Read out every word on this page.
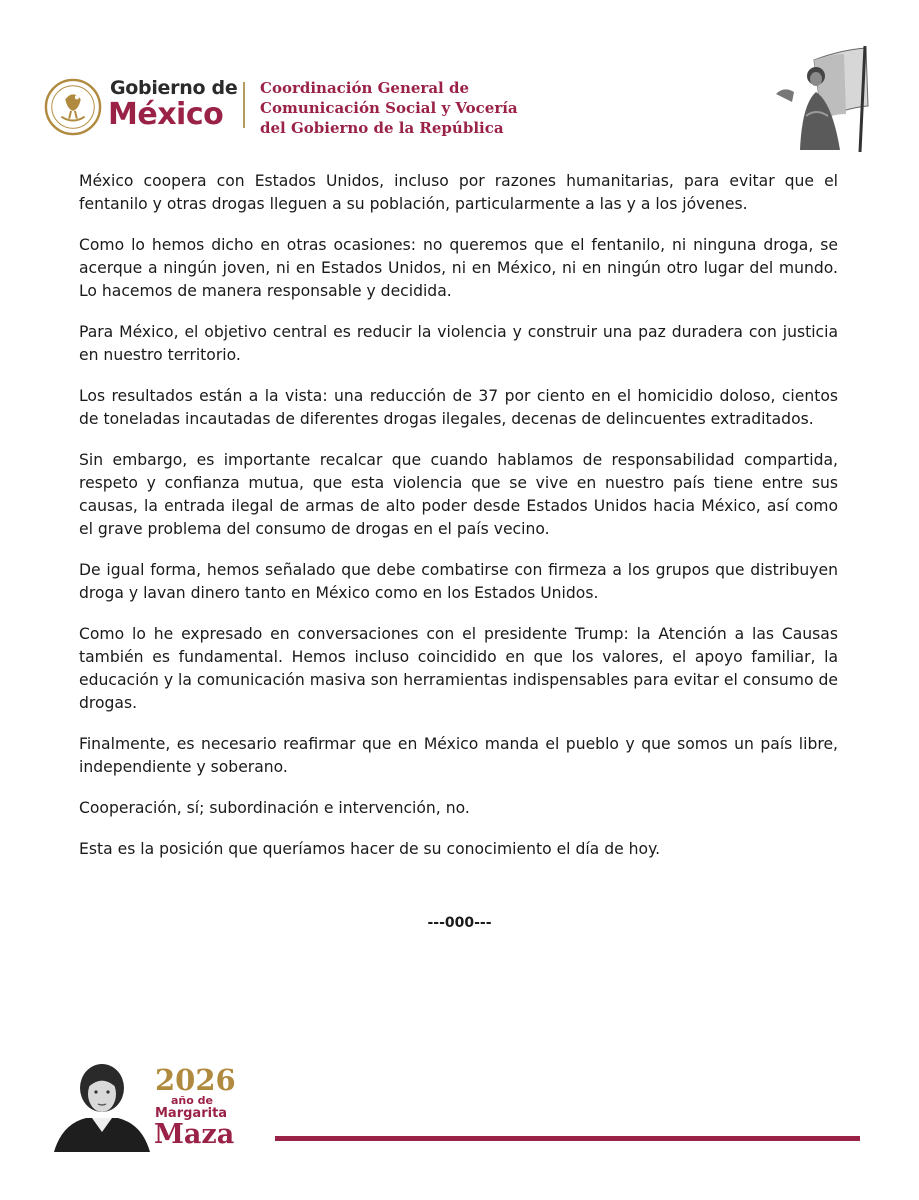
Gobierno de
México
Coordinación General de
Comunicación Social y Vocería
del Gobierno de la República

México coopera con Estados Unidos, incluso por razones humanitarias, para evitar que el fentanilo y otras drogas lleguen a su población, particularmente a las y a los jóvenes.

Como lo hemos dicho en otras ocasiones: no queremos que el fentanilo, ni ninguna droga, se acerque a ningún joven, ni en Estados Unidos, ni en México, ni en ningún otro lugar del mundo. Lo hacemos de manera responsable y decidida.

Para México, el objetivo central es reducir la violencia y construir una paz duradera con justicia en nuestro territorio.

Los resultados están a la vista: una reducción de 37 por ciento en el homicidio doloso, cientos de toneladas incautadas de diferentes drogas ilegales, decenas de delincuentes extraditados.

Sin embargo, es importante recalcar que cuando hablamos de responsabilidad compartida, respeto y confianza mutua, que esta violencia que se vive en nuestro país tiene entre sus causas, la entrada ilegal de armas de alto poder desde Estados Unidos hacia México, así como el grave problema del consumo de drogas en el país vecino.

De igual forma, hemos señalado que debe combatirse con firmeza a los grupos que distribuyen droga y lavan dinero tanto en México como en los Estados Unidos.

Como lo he expresado en conversaciones con el presidente Trump: la Atención a las Causas también es fundamental. Hemos incluso coincidido en que los valores, el apoyo familiar, la educación y la comunicación masiva son herramientas indispensables para evitar el consumo de drogas.

Finalmente, es necesario reafirmar que en México manda el pueblo y que somos un país libre, independiente y soberano.

Cooperación, sí; subordinación e intervención, no.

Esta es la posición que queríamos hacer de su conocimiento el día de hoy.

---000---
2026
año de
Margarita
Maza
